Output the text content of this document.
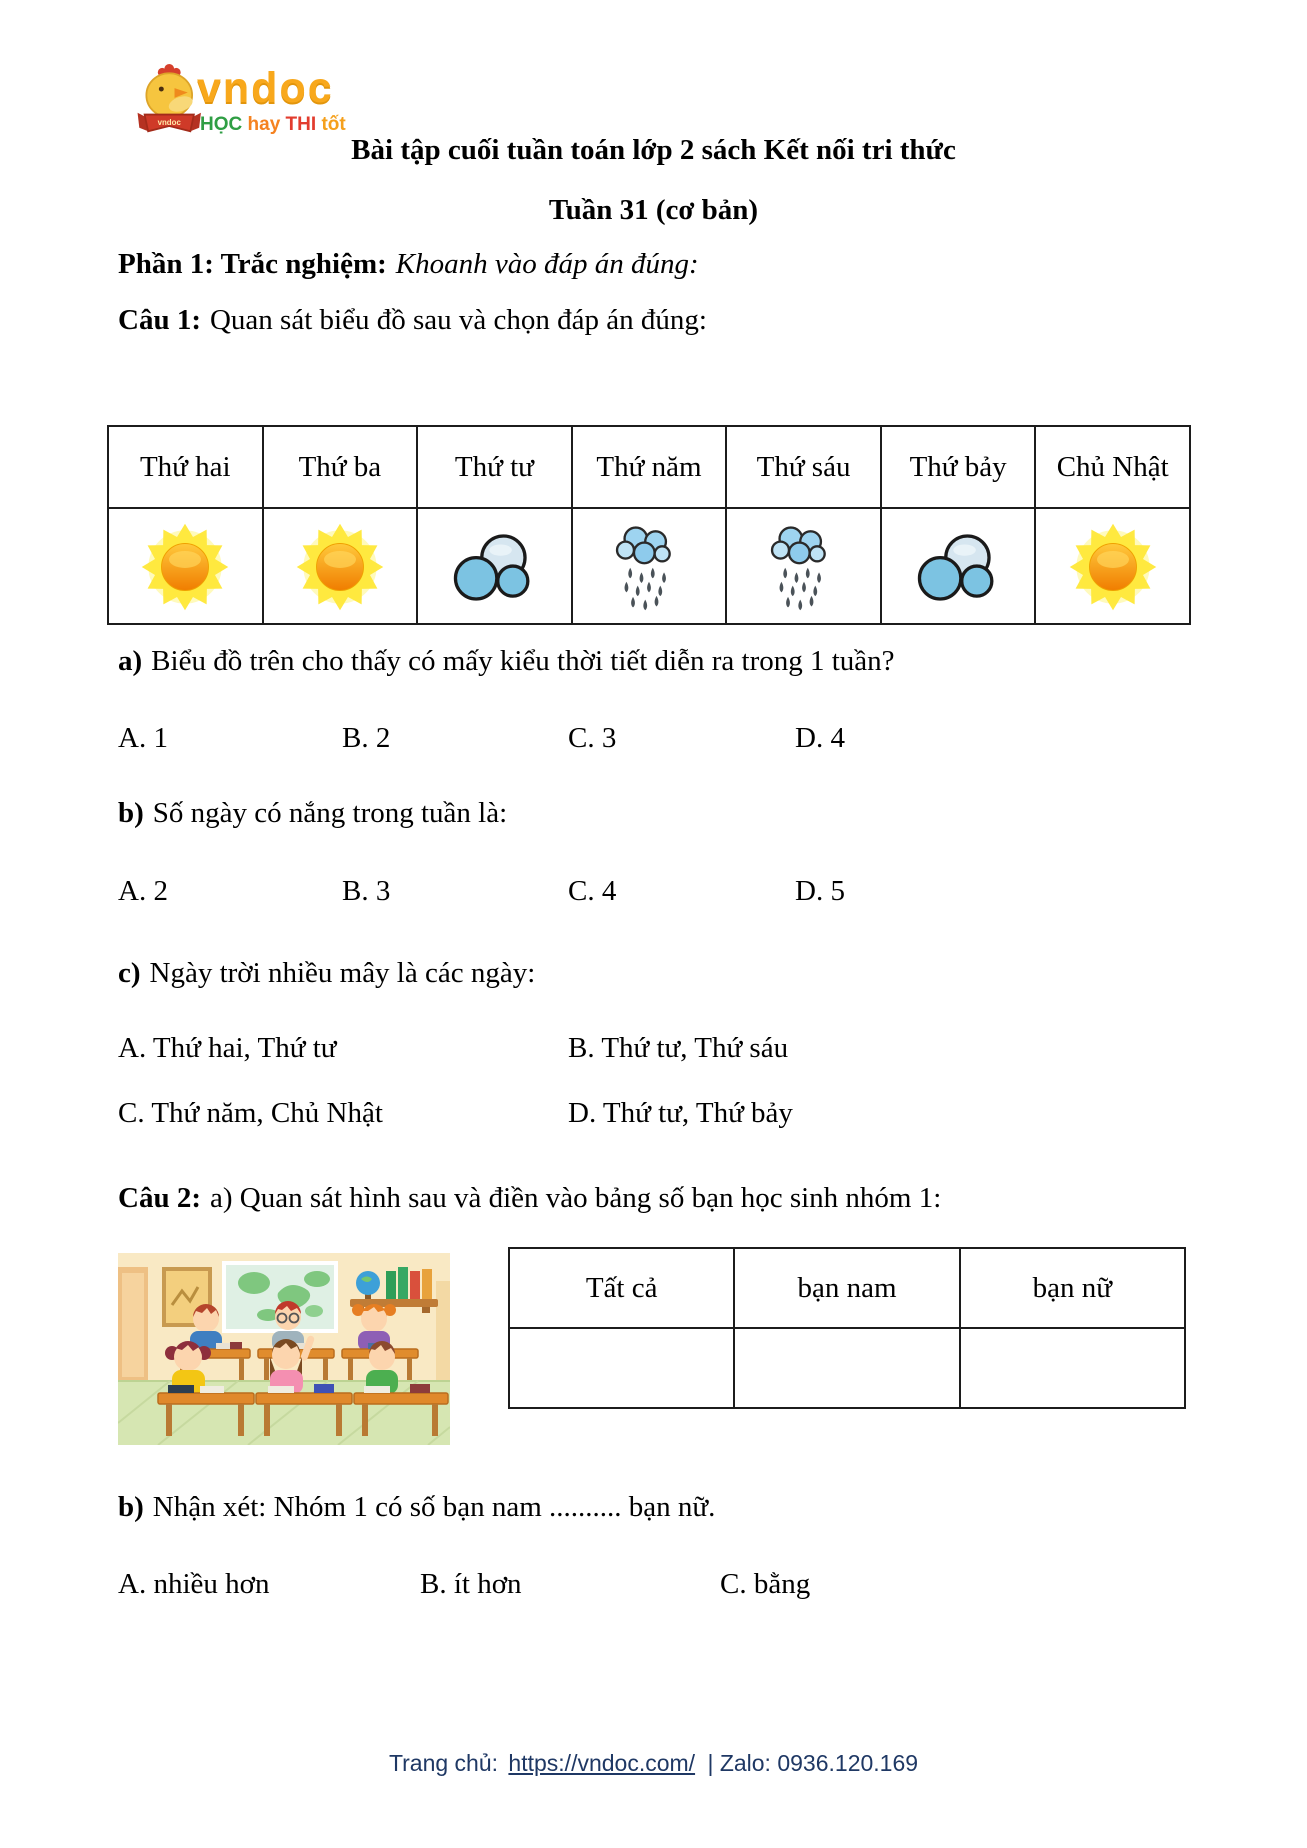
vndoc
vndoc
HỌC hay THI tốt
Bài tập cuối tuần toán lớp 2 sách Kết nối tri thức
Tuần 31 (cơ bản)
Phần 1: Trắc nghiệm: Khoanh vào đáp án đúng:
Câu 1: Quan sát biểu đồ sau và chọn đáp án đúng:
Thứ hai	Thứ ba	Thứ tư	Thứ năm	Thứ sáu	Thứ bảy	Chủ Nhật

a) Biểu đồ trên cho thấy có mấy kiểu thời tiết diễn ra trong 1 tuần?
A. 1	B. 2	C. 3	D. 4
b) Số ngày có nắng trong tuần là:
A. 2	B. 3	C. 4	D. 5
c) Ngày trời nhiều mây là các ngày:
A. Thứ hai, Thứ tư	B. Thứ tư, Thứ sáu
C. Thứ năm, Chủ Nhật	D. Thứ tư, Thứ bảy
Câu 2: a) Quan sát hình sau và điền vào bảng số bạn học sinh nhóm 1:
Tất cả	bạn nam	bạn nữ

b) Nhận xét: Nhóm 1 có số bạn nam .......... bạn nữ.
A. nhiều hơn	B. ít hơn	C. bằng
Trang chủ: https://vndoc.com/ | Zalo: 0936.120.169
